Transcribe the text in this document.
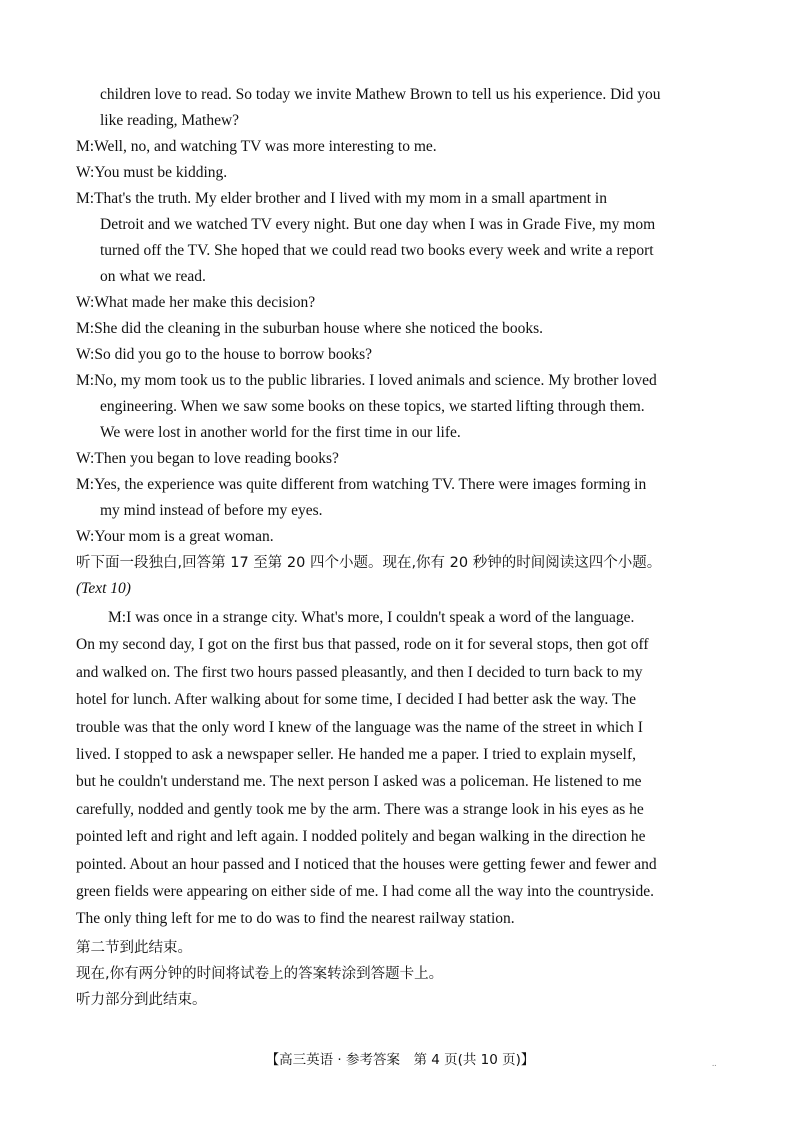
children love to read. So today we invite Mathew Brown to tell us his experience. Did you
like reading, Mathew?
M:Well, no, and watching TV was more interesting to me.
W:You must be kidding.
M:That's the truth. My elder brother and I lived with my mom in a small apartment in
Detroit and we watched TV every night. But one day when I was in Grade Five, my mom
turned off the TV. She hoped that we could read two books every week and write a report
on what we read.
W:What made her make this decision?
M:She did the cleaning in the suburban house where she noticed the books.
W:So did you go to the house to borrow books?
M:No, my mom took us to the public libraries. I loved animals and science. My brother loved
engineering. When we saw some books on these topics, we started lifting through them.
We were lost in another world for the first time in our life.
W:Then you began to love reading books?
M:Yes, the experience was quite different from watching TV. There were images forming in
my mind instead of before my eyes.
W:Your mom is a great woman.
听下面一段独白,回答第 17 至第 20 四个小题。现在,你有 20 秒钟的时间阅读这四个小题。
(Text 10)
M:I was once in a strange city. What's more, I couldn't speak a word of the language.
On my second day, I got on the first bus that passed, rode on it for several stops, then got off
and walked on. The first two hours passed pleasantly, and then I decided to turn back to my
hotel for lunch. After walking about for some time, I decided I had better ask the way. The
trouble was that the only word I knew of the language was the name of the street in which I
lived. I stopped to ask a newspaper seller. He handed me a paper. I tried to explain myself,
but he couldn't understand me. The next person I asked was a policeman. He listened to me
carefully, nodded and gently took me by the arm. There was a strange look in his eyes as he
pointed left and right and left again. I nodded politely and began walking in the direction he
pointed. About an hour passed and I noticed that the houses were getting fewer and fewer and
green fields were appearing on either side of me. I had come all the way into the countryside.
The only thing left for me to do was to find the nearest railway station.
第二节到此结束。
现在,你有两分钟的时间将试卷上的答案转涂到答题卡上。
听力部分到此结束。
【高三英语 · 参考答案　第 4 页(共 10 页)】	..
